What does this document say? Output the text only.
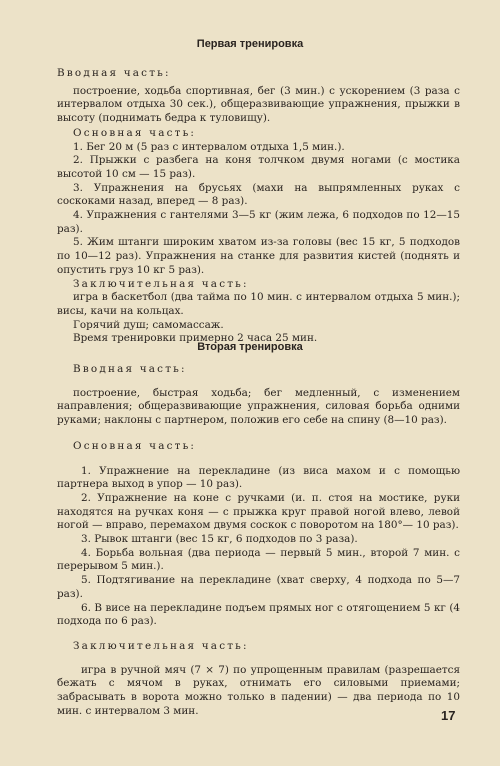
Первая тренировка

Вводная часть:

построение, ходьба спортивная, бег (3 мин.) с ускорением (3 раза с интервалом отдыха 30 сек.), общеразвивающие упражнения, прыжки в высоту (поднимать бедра к туловищу).

Основная часть:

1. Бег 20 м (5 раз с интервалом отдыха 1,5 мин.).

2. Прыжки с разбега на коня толчком двумя ногами (с мостика высотой 10 см — 15 раз).

3. Упражнения на брусьях (махи на выпрямленных руках с соскоками назад, вперед — 8 раз).

4. Упражнения с гантелями 3—5 кг (жим лежа, 6 подходов по 12—15 раз).

5. Жим штанги широким хватом из-за головы (вес 15 кг, 5 подходов по 10—12 раз). Упражнения на станке для развития кистей (поднять и опустить груз 10 кг 5 раз).

Заключительная часть:

игра в баскетбол (два тайма по 10 мин. с интервалом отдыха 5 мин.); висы, качи на кольцах.

Горячий душ; самомассаж.

Время тренировки примерно 2 часа 25 мин.

Вторая тренировка

Вводная часть:

построение, быстрая ходьба; бег медленный, с изменением направления; общеразвивающие упражнения, силовая борьба одними руками; наклоны с партнером, положив его себе на спину (8—10 раз).

Основная часть:

1. Упражнение на перекладине (из виса махом и с помощью партнера выход в упор — 10 раз).

2. Упражнение на коне с ручками (и. п. стоя на мостике, руки находятся на ручках коня — с прыжка круг правой ногой влево, левой ногой — вправо, перемахом двумя соскок с поворотом на 180°— 10 раз).

3. Рывок штанги (вес 15 кг, 6 подходов по 3 раза).

4. Борьба вольная (два периода — первый 5 мин., второй 7 мин. с перерывом 5 мин.).

5. Подтягивание на перекладине (хват сверху, 4 подхода по 5—7 раз).

6. В висе на перекладине подъем прямых ног с отягощением 5 кг (4 подхода по 6 раз).

Заключительная часть:

игра в ручной мяч (7 × 7) по упрощенным правилам (разрешается бежать с мячом в руках, отнимать его силовыми приемами; забрасывать в ворота можно только в падении) — два периода по 10 мин. с интервалом 3 мин.	17
